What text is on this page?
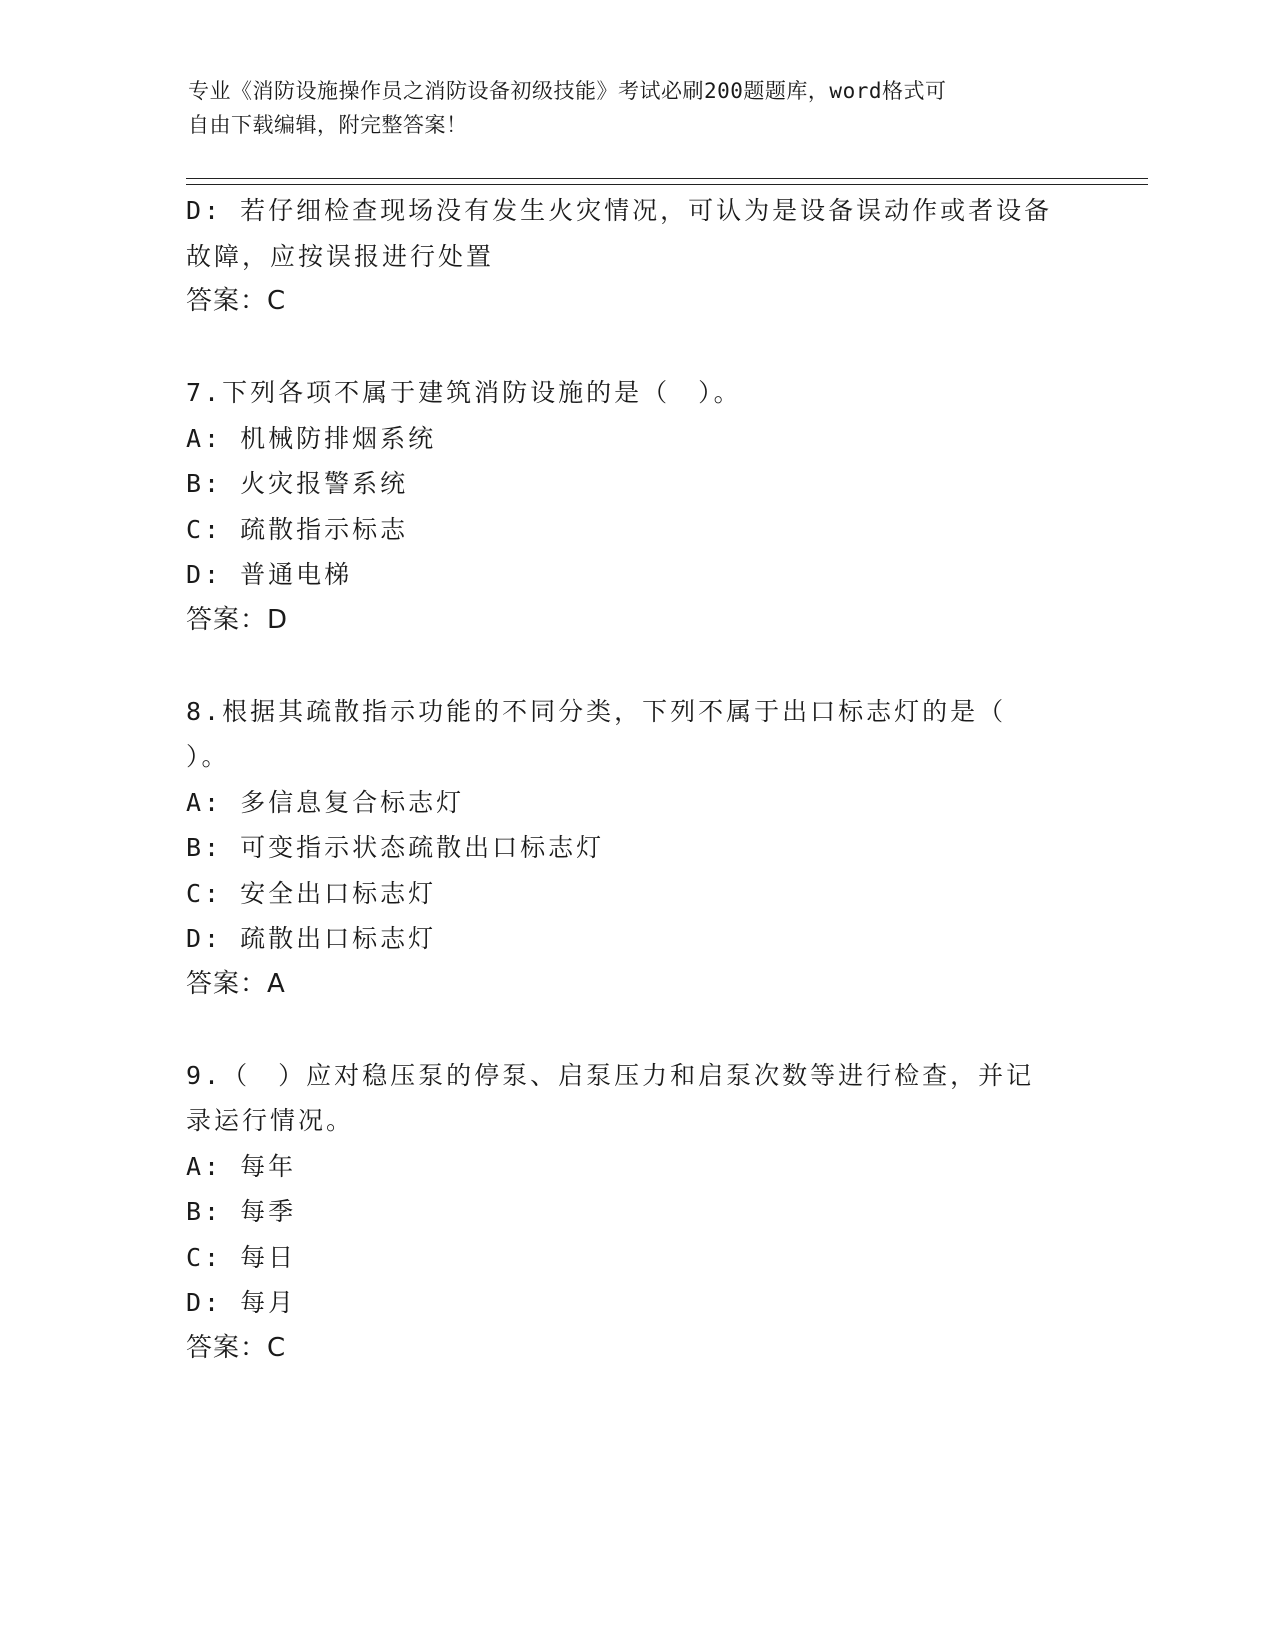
专业《消防设施操作员之消防设备初级技能》考试必刷200题题库，word格式可
自由下载编辑，附完整答案！
D: 若仔细检查现场没有发生火灾情况，可认为是设备误动作或者设备
故障，应按误报进行处置
答案：C
7.下列各项不属于建筑消防设施的是（　）。
A: 机械防排烟系统
B: 火灾报警系统
C: 疏散指示标志
D: 普通电梯
答案：D
8.根据其疏散指示功能的不同分类，下列不属于出口标志灯的是（
）。
A: 多信息复合标志灯
B: 可变指示状态疏散出口标志灯
C: 安全出口标志灯
D: 疏散出口标志灯
答案：A
9.（　）应对稳压泵的停泵、启泵压力和启泵次数等进行检查，并记
录运行情况。
A: 每年
B: 每季
C: 每日
D: 每月
答案：C
